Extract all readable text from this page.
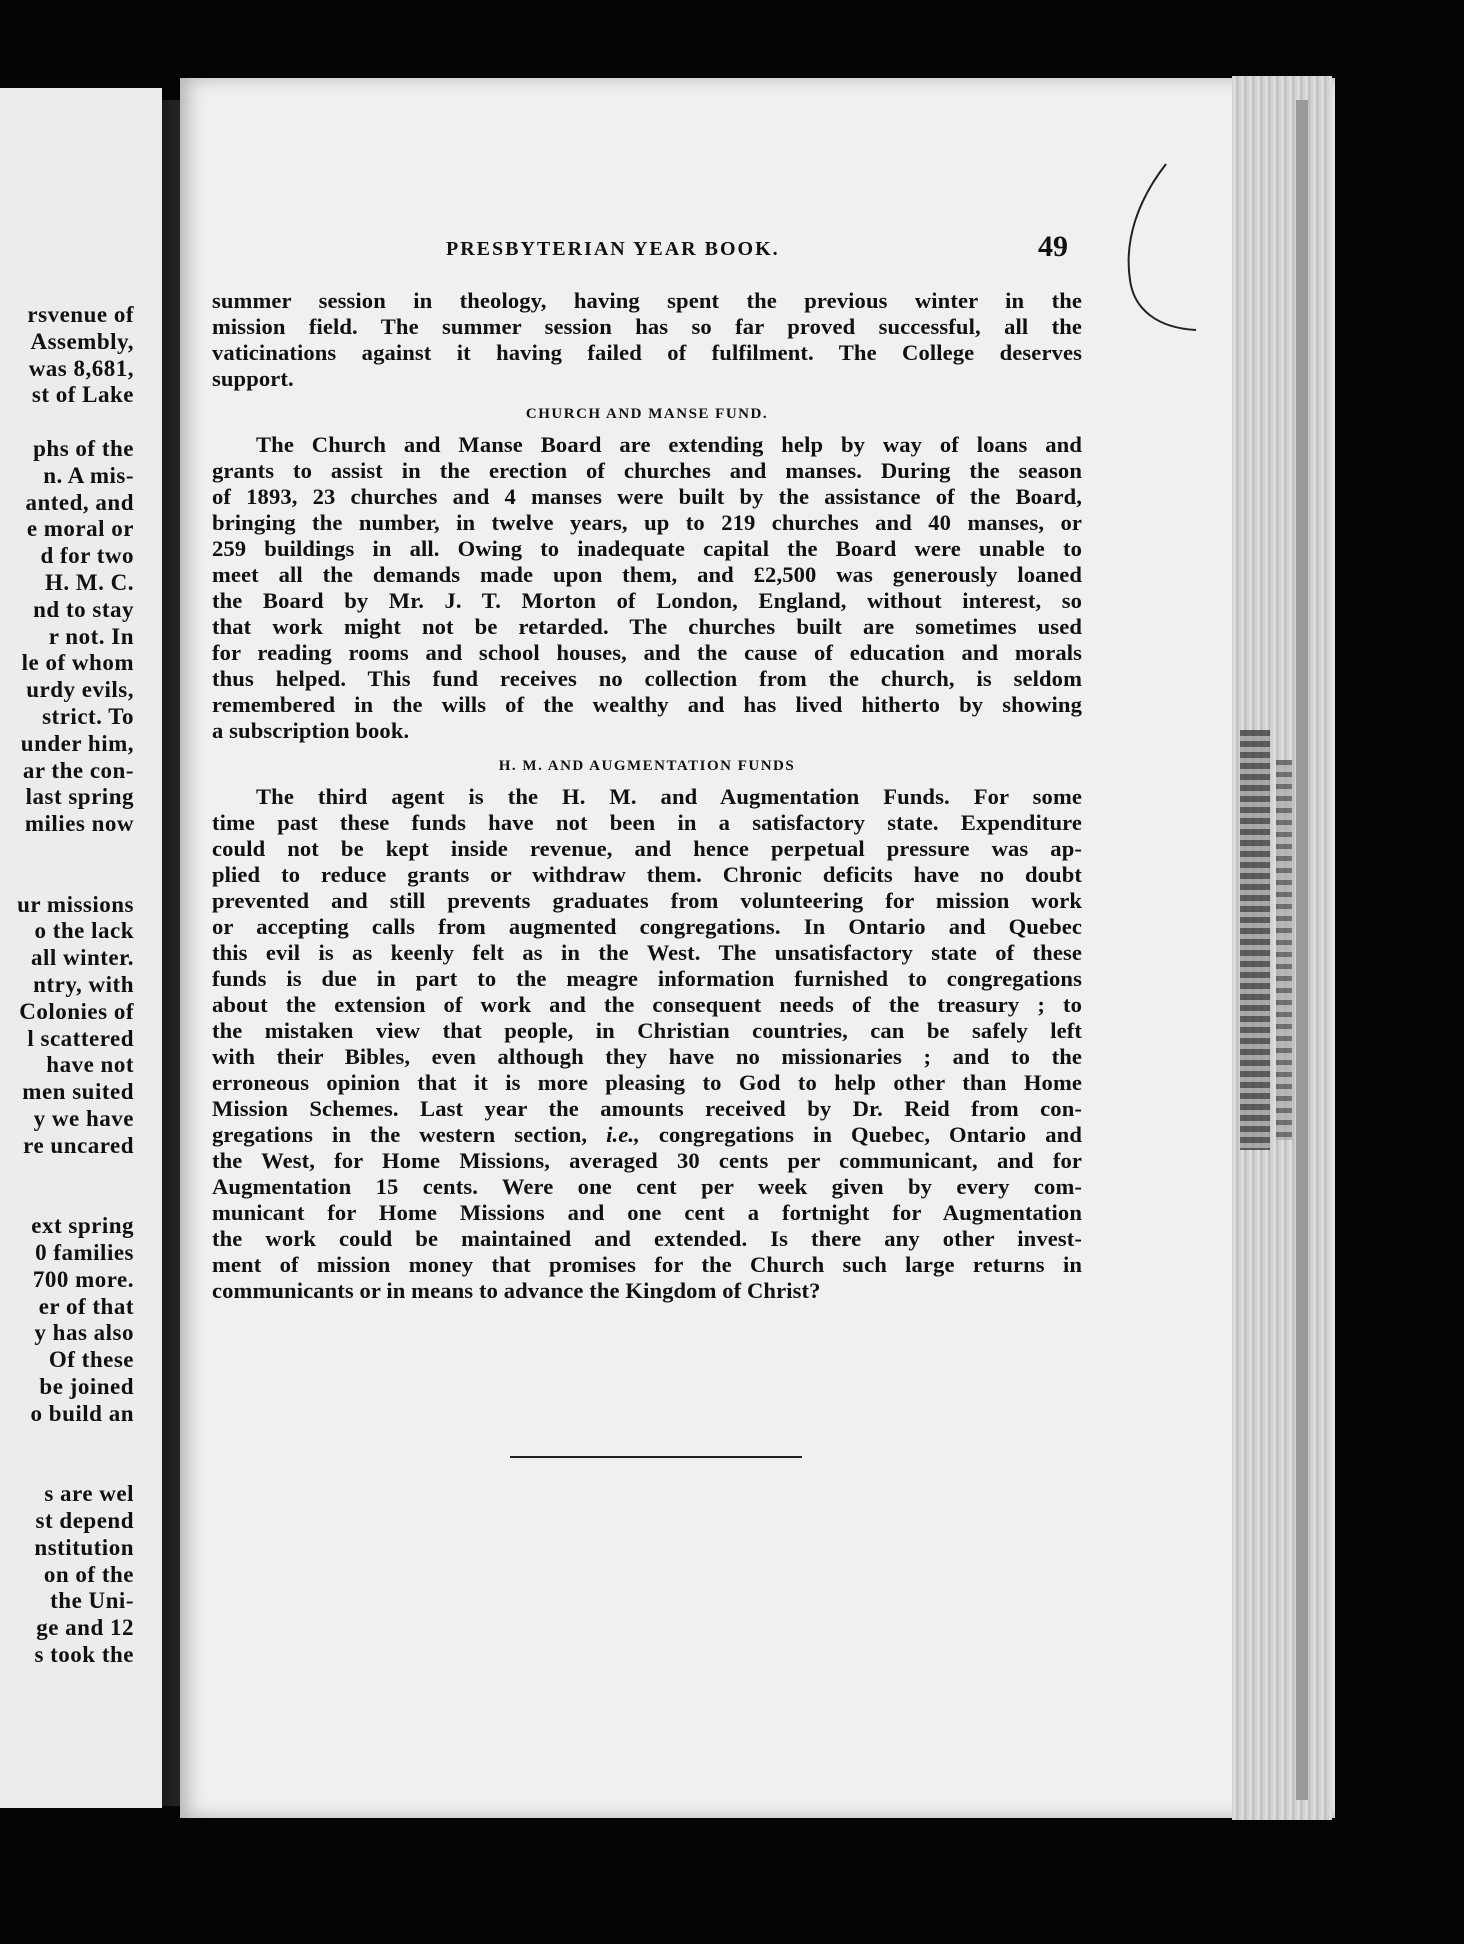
rsvenue of
Assembly,
was 8,681,
st of Lake
phs of the
n. A mis-
anted, and
e moral or
d for two
H. M. C.
nd to stay
r not. In
le of whom
urdy evils,
strict. To
under him,
ar the con-
last spring
milies now
ur missions
o the lack
all winter.
ntry, with
Colonies of
l scattered
have not
men suited
y we have
re uncared
ext spring
0 families
700 more.
er of that
y has also
Of these
be joined
o build an
s are wel
st depend
nstitution
on of the
the Uni-
ge and 12
s took the
PRESBYTERIAN YEAR BOOK.	49
summer session in theology, having spent the previous winter in the
mission field. The summer session has so far proved successful, all the
vaticinations against it having failed of fulfilment. The College deserves
support.
CHURCH AND MANSE FUND.
The Church and Manse Board are extending help by way of loans and
grants to assist in the erection of churches and manses. During the season
of 1893, 23 churches and 4 manses were built by the assistance of the Board,
bringing the number, in twelve years, up to 219 churches and 40 manses, or
259 buildings in all. Owing to inadequate capital the Board were unable to
meet all the demands made upon them, and £2,500 was generously loaned
the Board by Mr. J. T. Morton of London, England, without interest, so
that work might not be retarded. The churches built are sometimes used
for reading rooms and school houses, and the cause of education and morals
thus helped. This fund receives no collection from the church, is seldom
remembered in the wills of the wealthy and has lived hitherto by showing
a subscription book.
H. M. AND AUGMENTATION FUNDS
The third agent is the H. M. and Augmentation Funds. For some
time past these funds have not been in a satisfactory state. Expenditure
could not be kept inside revenue, and hence perpetual pressure was ap-
plied to reduce grants or withdraw them. Chronic deficits have no doubt
prevented and still prevents graduates from volunteering for mission work
or accepting calls from augmented congregations. In Ontario and Quebec
this evil is as keenly felt as in the West. The unsatisfactory state of these
funds is due in part to the meagre information furnished to congregations
about the extension of work and the consequent needs of the treasury ; to
the mistaken view that people, in Christian countries, can be safely left
with their Bibles, even although they have no missionaries ; and to the
erroneous opinion that it is more pleasing to God to help other than Home
Mission Schemes. Last year the amounts received by Dr. Reid from con-
gregations in the western section, i.e., congregations in Quebec, Ontario and
the West, for Home Missions, averaged 30 cents per communicant, and for
Augmentation 15 cents. Were one cent per week given by every com-
municant for Home Missions and one cent a fortnight for Augmentation
the work could be maintained and extended. Is there any other invest-
ment of mission money that promises for the Church such large returns in
communicants or in means to advance the Kingdom of Christ?
